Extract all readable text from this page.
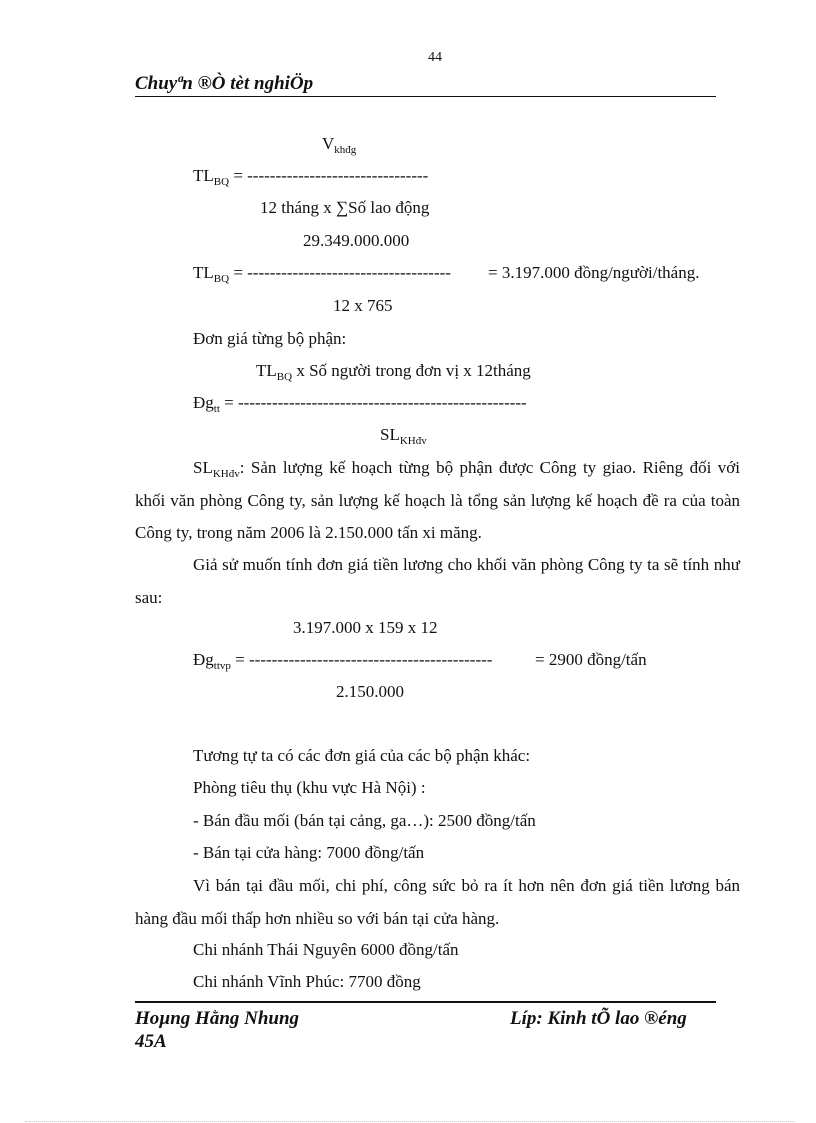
44
Chuyªn ®Ò tèt nghiÖp
$V_{khđg}$
$TL_{BQ}$ = --------------------------------
12 tháng x ∑Số lao động
29.349.000.000
$TL_{BQ}$ = ------------------------------------ = 3.197.000 đồng/người/tháng.
12 x 765
Đơn giá từng bộ phận:
$TL_{BQ}$ x Số người trong đơn vị x 12tháng
$Đg_{tt}$ = ---------------------------------------------------
$SL_{KHđv}$
$SL_{KHđv}$: Sản lượng kế hoạch từng bộ phận được Công ty giao. Riêng đối với khối văn phòng Công ty, sản lượng kế hoạch là tổng sản lượng kế hoạch đề ra của toàn Công ty, trong năm 2006 là 2.150.000 tấn xi măng.
Giả sử muốn tính đơn giá tiền lương cho khối văn phòng Công ty ta sẽ tính như sau:
3.197.000 x 159 x 12
$Đg_{ttvp}$ = -------------------------------------------	= 2900 đồng/tấn
2.150.000
Tương tự ta có các đơn giá của các bộ phận khác:
Phòng tiêu thụ (khu vực Hà Nội) :
- Bán đầu mối (bán tại cảng, ga…): 2500 đồng/tấn
- Bán tại cửa hàng: 7000 đồng/tấn
Vì bán tại đầu mối, chi phí, công sức bỏ ra ít hơn nên đơn giá tiền lương bán hàng đầu mối thấp hơn nhiều so với bán tại cửa hàng.
Chi nhánh Thái Nguyên 6000 đồng/tấn
Chi nhánh Vĩnh Phúc: 7700 đồng
Hoµng Hằng Nhung	Líp: Kinh tÕ lao ®éng
45A
